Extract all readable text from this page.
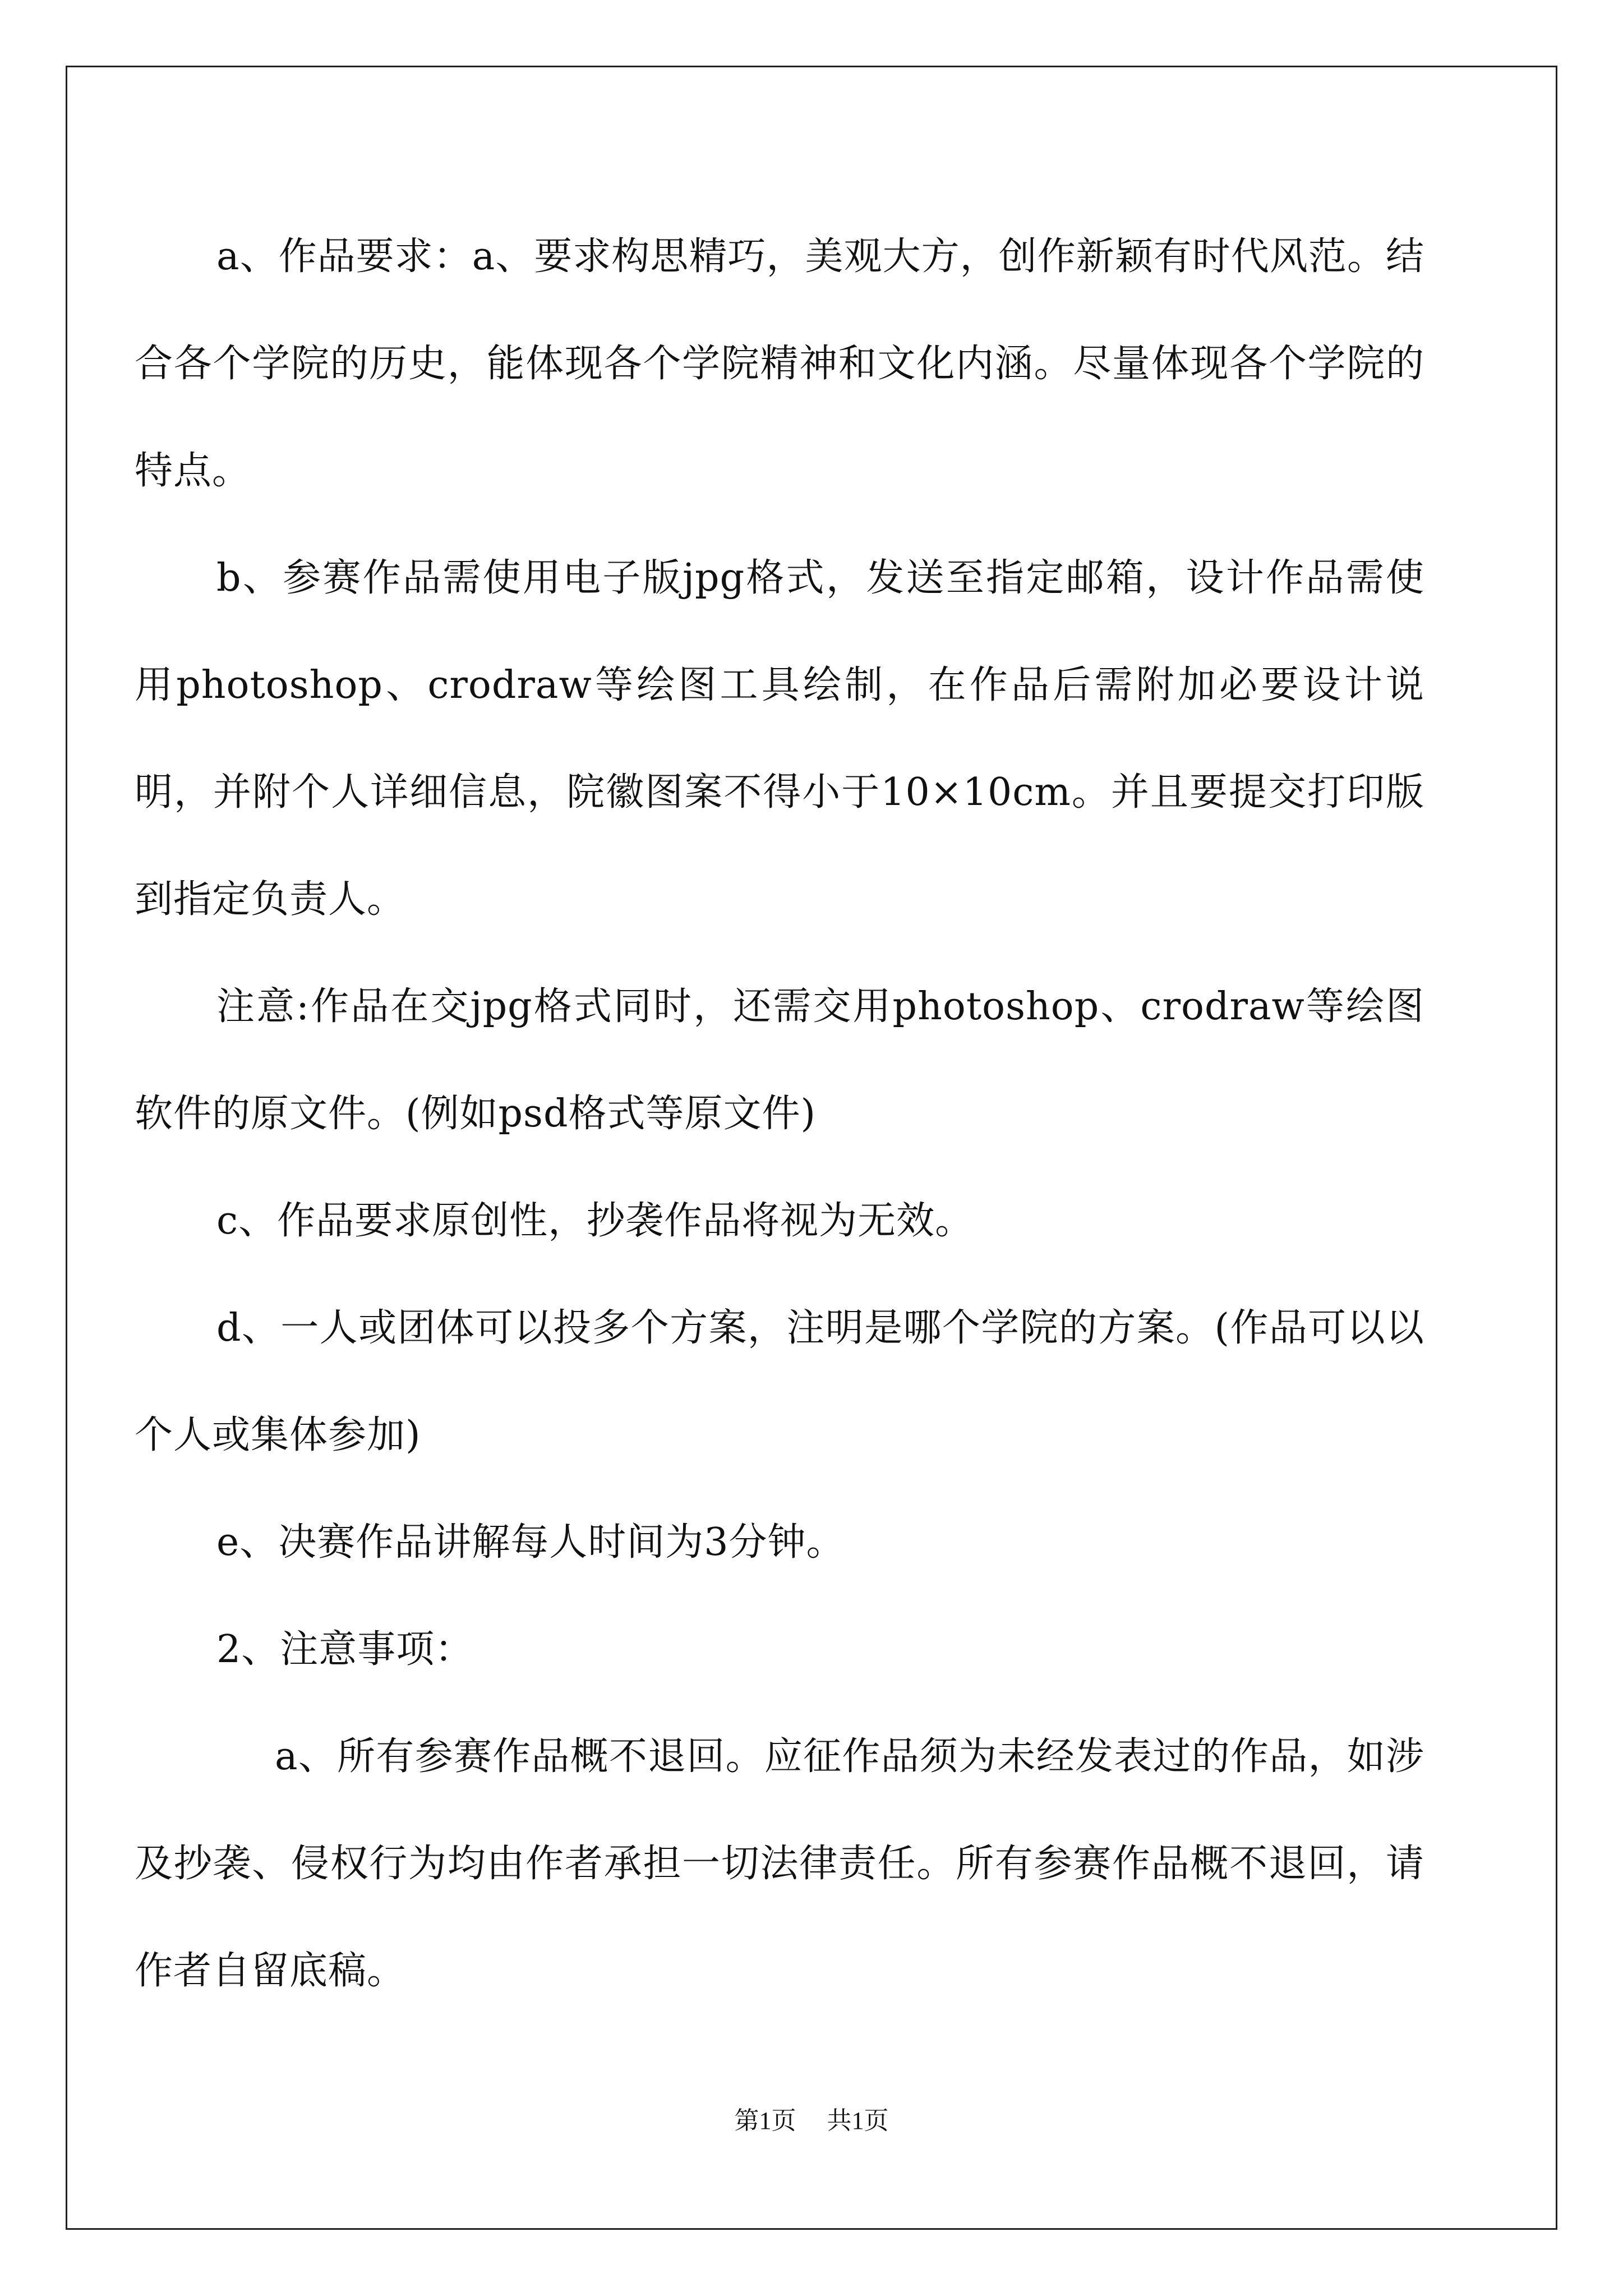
a、作品要求：a、要求构思精巧，美观大方，创作新颖有时代风范。结合各个学院的历史，能体现各个学院精神和文化内涵。尽量体现各个学院的特点。

b、参赛作品需使用电子版jpg格式，发送至指定邮箱，设计作品需使用photoshop、crodraw等绘图工具绘制，在作品后需附加必要设计说明，并附个人详细信息，院徽图案不得小于10×10cm。并且要提交打印版到指定负责人。

注意:作品在交jpg格式同时，还需交用photoshop、crodraw等绘图软件的原文件。(例如psd格式等原文件)

c、作品要求原创性，抄袭作品将视为无效。

d、一人或团体可以投多个方案，注明是哪个学院的方案。(作品可以以个人或集体参加)

e、决赛作品讲解每人时间为3分钟。

2、注意事项：

a、所有参赛作品概不退回。应征作品须为未经发表过的作品，如涉及抄袭、侵权行为均由作者承担一切法律责任。所有参赛作品概不退回，请作者自留底稿。

第1页 共1页
